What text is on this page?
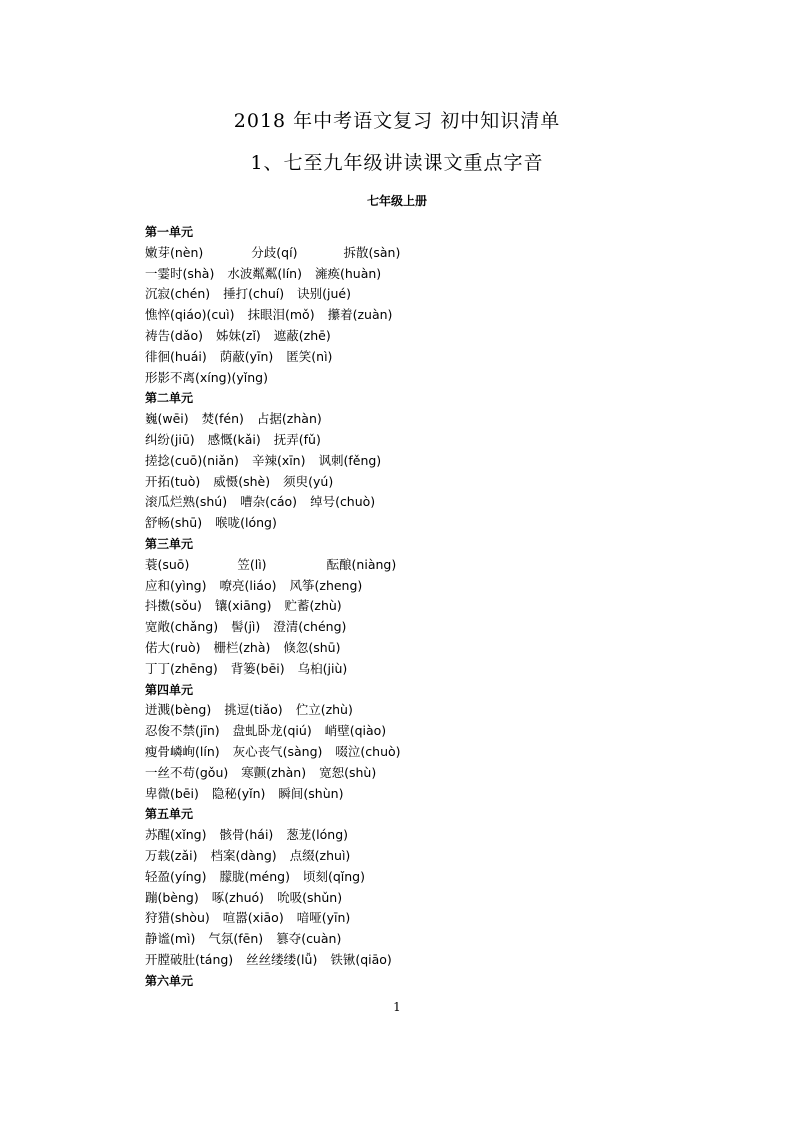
2018 年中考语文复习 初中知识清单
1、七至九年级讲读课文重点字音
七年级上册
第一单元
嫩芽(nèn)	分歧(qí)	拆散(sàn)
一霎时(shà) 水波粼粼(lín) 澭痪(huàn)
沉寂(chén) 捶打(chuí) 诀别(jué)
憔悴(qiáo)(cuì) 抹眼泪(mǒ) 攥着(zuàn)
祷告(dǎo) 姊妹(zǐ) 遮蔽(zhē)
徘徊(huái) 荫蔽(yīn) 匿笑(nì)
形影不离(xíng)(yǐng)
第二单元
巍(wēi) 焚(fén) 占据(zhàn)
纠纷(jiū) 感慨(kǎi) 抚弄(fǔ)
搓捻(cuō)(niǎn) 辛辣(xīn) 讽刺(fěng)
开拓(tuò) 威慑(shè) 须臾(yú)
滚瓜烂熟(shú) 嘈杂(cáo) 绰号(chuò)
舒畅(shū) 喉咙(lóng)
第三单元
蓑(suō)	笠(lì)	酝酿(niàng)
应和(yìng) 嘹亮(liáo) 风筝(zheng)
抖擞(sǒu) 镶(xiāng) 贮蓄(zhù)
宽敞(chǎng) 髻(jì) 澄清(chéng)
偌大(ruò) 栅栏(zhà) 倏忽(shū)
丁丁(zhēng) 背篓(bēi) 乌桕(jiù)
第四单元
迸溅(bèng) 挑逗(tiǎo) 伫立(zhù)
忍俊不禁(jīn) 盘虬卧龙(qiú) 峭壁(qiào)
瘦骨嶙峋(lín) 灰心丧气(sàng) 啜泣(chuò)
一丝不苟(gǒu) 寒颤(zhàn) 宽恕(shù)
卑微(bēi) 隐秘(yǐn) 瞬间(shùn)
第五单元
苏醒(xǐng) 骸骨(hái) 葱茏(lóng)
万载(zǎi) 档案(dàng) 点缀(zhuì)
轻盈(yíng) 朦胧(méng) 顷刻(qǐng)
蹦(bèng) 啄(zhuó) 吮吸(shǔn)
狩猎(shòu) 喧嚣(xiāo) 喑哑(yīn)
静谧(mì) 气氛(fēn) 篡夺(cuàn)
开膛破肚(táng) 丝丝缕缕(lǚ) 铁锹(qiāo)
第六单元
1
